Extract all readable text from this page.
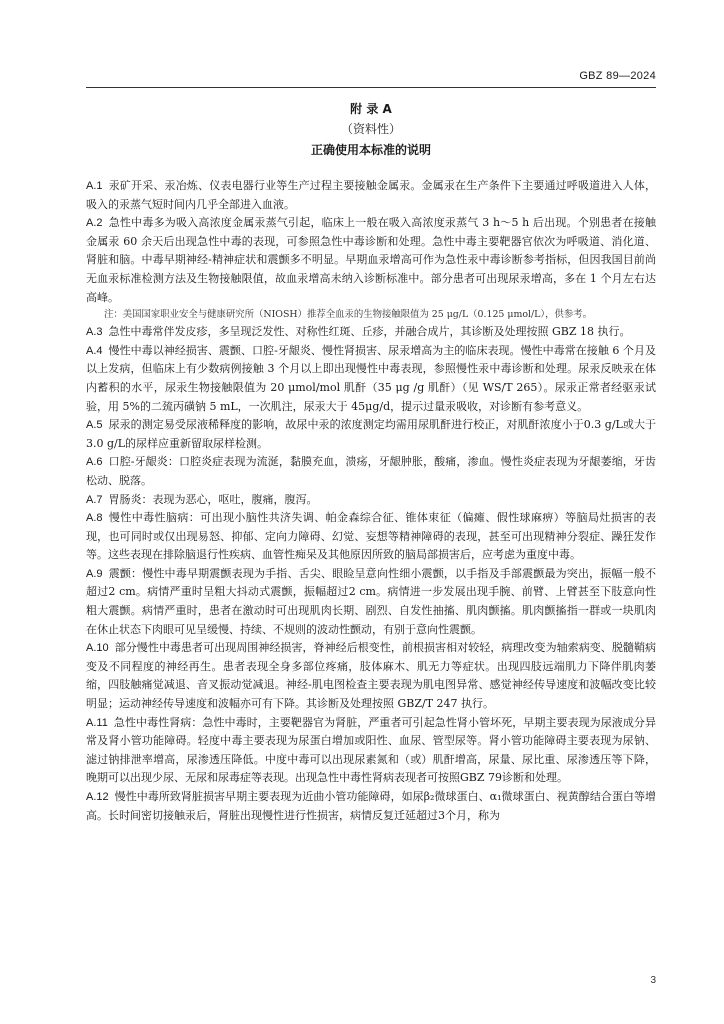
GBZ 89—2024
附 录 A
（资料性）
正确使用本标准的说明

A.1 汞矿开采、汞冶炼、仪表电器行业等生产过程主要接触金属汞。金属汞在生产条件下主要通过呼吸道进入人体，吸入的汞蒸气短时间内几乎全部进入血液。

A.2 急性中毒多为吸入高浓度金属汞蒸气引起，临床上一般在吸入高浓度汞蒸气 3 h～5 h 后出现。个别患者在接触金属汞 60 余天后出现急性中毒的表现，可参照急性中毒诊断和处理。急性中毒主要靶器官依次为呼吸道、消化道、肾脏和脑。中毒早期神经-精神症状和震颤多不明显。早期血汞增高可作为急性汞中毒诊断参考指标，但因我国目前尚无血汞标准检测方法及生物接触限值，故血汞增高未纳入诊断标准中。部分患者可出现尿汞增高，多在 1 个月左右达高峰。

注：美国国家职业安全与健康研究所（NIOSH）推荐全血汞的生物接触限值为 25 μg/L（0.125 μmol/L），供参考。

A.3 急性中毒常伴发皮疹，多呈现泛发性、对称性红斑、丘疹，并融合成片，其诊断及处理按照 GBZ 18 执行。

A.4 慢性中毒以神经损害、震颤、口腔-牙龈炎、慢性肾损害、尿汞增高为主的临床表现。慢性中毒常在接触 6 个月及以上发病，但临床上有少数病例接触 3 个月以上即出现慢性中毒表现，参照慢性汞中毒诊断和处理。尿汞反映汞在体内蓄积的水平，尿汞生物接触限值为 20 μmol/mol 肌酐（35 μg /g 肌酐）（见 WS/T 265）。尿汞正常者经驱汞试验，用 5%的二巯丙磺钠 5 mL，一次肌注，尿汞大于 45μg/d，提示过量汞吸收，对诊断有参考意义。

A.5 尿汞的测定易受尿液稀释度的影响，故尿中汞的浓度测定均需用尿肌酐进行校正，对肌酐浓度小于0.3 g/L或大于3.0 g/L的尿样应重新留取尿样检测。

A.6 口腔-牙龈炎：口腔炎症表现为流涎，黏膜充血，溃疡，牙龈肿胀，酸痛，渗血。慢性炎症表现为牙龈萎缩，牙齿松动、脱落。

A.7 胃肠炎：表现为恶心，呕吐，腹痛，腹泻。

A.8 慢性中毒性脑病：可出现小脑性共济失调、帕金森综合征、锥体束征（偏瘫、假性球麻痹）等脑局灶损害的表现，也可同时或仅出现易怒、抑郁、定向力障碍、幻觉、妄想等精神障碍的表现，甚至可出现精神分裂症、躁狂发作等。这些表现在排除脑退行性疾病、血管性痴呆及其他原因所致的脑局部损害后，应考虑为重度中毒。

A.9 震颤：慢性中毒早期震颤表现为手指、舌尖、眼睑呈意向性细小震颤，以手指及手部震颤最为突出，振幅一般不超过2 cm。病情严重时呈粗大抖动式震颤，振幅超过2 cm。病情进一步发展出现手腕、前臂、上臂甚至下肢意向性粗大震颤。病情严重时，患者在激动时可出现肌肉长期、剧烈、自发性抽搐、肌肉颤搐。肌肉颤搐指一群或一块肌肉在休止状态下肉眼可见呈缓慢、持续、不规则的波动性颤动，有别于意向性震颤。

A.10 部分慢性中毒患者可出现周围神经损害，脊神经后根变性，前根损害相对较轻，病理改变为轴索病变、脱髓鞘病变及不同程度的神经再生。患者表现全身多部位疼痛，肢体麻木、肌无力等症状。出现四肢远端肌力下降伴肌肉萎缩，四肢触痛觉减退、音叉振动觉减退。神经-肌电图检查主要表现为肌电图异常、感觉神经传导速度和波幅改变比较明显；运动神经传导速度和波幅亦可有下降。其诊断及处理按照 GBZ/T 247 执行。

A.11 急性中毒性肾病：急性中毒时，主要靶器官为肾脏，严重者可引起急性肾小管坏死，早期主要表现为尿液成分异常及肾小管功能障碍。轻度中毒主要表现为尿蛋白增加或阳性、血尿、管型尿等。肾小管功能障碍主要表现为尿钠、滤过钠排泄率增高，尿渗透压降低。中度中毒可以出现尿素氮和（或）肌酐增高，尿量、尿比重、尿渗透压等下降，晚期可以出现少尿、无尿和尿毒症等表现。出现急性中毒性肾病表现者可按照GBZ 79诊断和处理。

A.12 慢性中毒所致肾脏损害早期主要表现为近曲小管功能障碍，如尿β₂微球蛋白、α₁微球蛋白、视黄醇结合蛋白等增高。长时间密切接触汞后，肾脏出现慢性进行性损害，病情反复迁延超过3个月，称为

3
